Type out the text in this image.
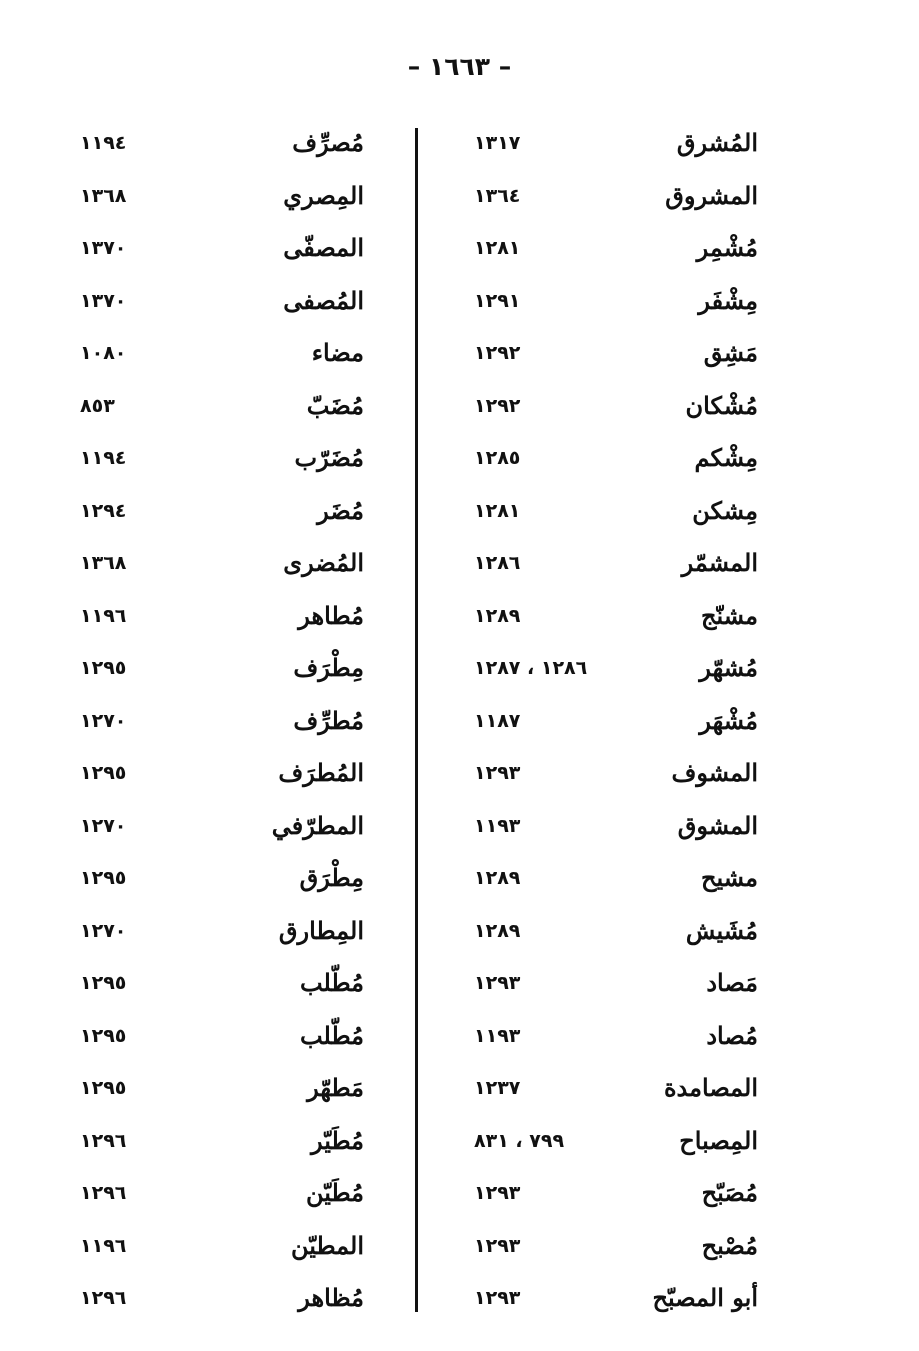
– ١٦٦٣ –
المُشرق
١٣١٧
المشروق
١٣٦٤
مُشْمِر
١٢٨١
مِشْفَر
١٢٩١
مَشِق
١٢٩٢
مُشْكان
١٢٩٢
مِشْكم
١٢٨٥
مِشكن
١٢٨١
المشمّر
١٢٨٦
مشنّج
١٢٨٩
مُشهّر
١٢٨٦ ، ١٢٨٧
مُشْهَر
١١٨٧
المشوف
١٢٩٣
المشوق
١١٩٣
مشيح
١٢٨٩
مُشَيش
١٢٨٩
مَصاد
١٢٩٣
مُصاد
١١٩٣
المصامدة
١٢٣٧
المِصباح
٧٩٩ ، ٨٣١
مُصَبّح
١٢٩٣
مُصْبح
١٢٩٣
أبو المصبّح
١٢٩٣
مُصرِّف
١١٩٤
المِصري
١٣٦٨
المصفّى
١٣٧٠
المُصفى
١٣٧٠
مضاء
١٠٨٠
مُضَبّ
٨٥٣
مُضَرّب
١١٩٤
مُضَر
١٢٩٤
المُضرى
١٣٦٨
مُطاهر
١١٩٦
مِطْرَف
١٢٩٥
مُطرِّف
١٢٧٠
المُطرَف
١٢٩٥
المطرّفي
١٢٧٠
مِطْرَق
١٢٩٥
المِطارق
١٢٧٠
مُطّلب
١٢٩٥
مُطّلب
١٢٩٥
مَطهّر
١٢٩٥
مُطَيّر
١٢٩٦
مُطَيّن
١٢٩٦
المطيّن
١١٩٦
مُظاهر
١٢٩٦
